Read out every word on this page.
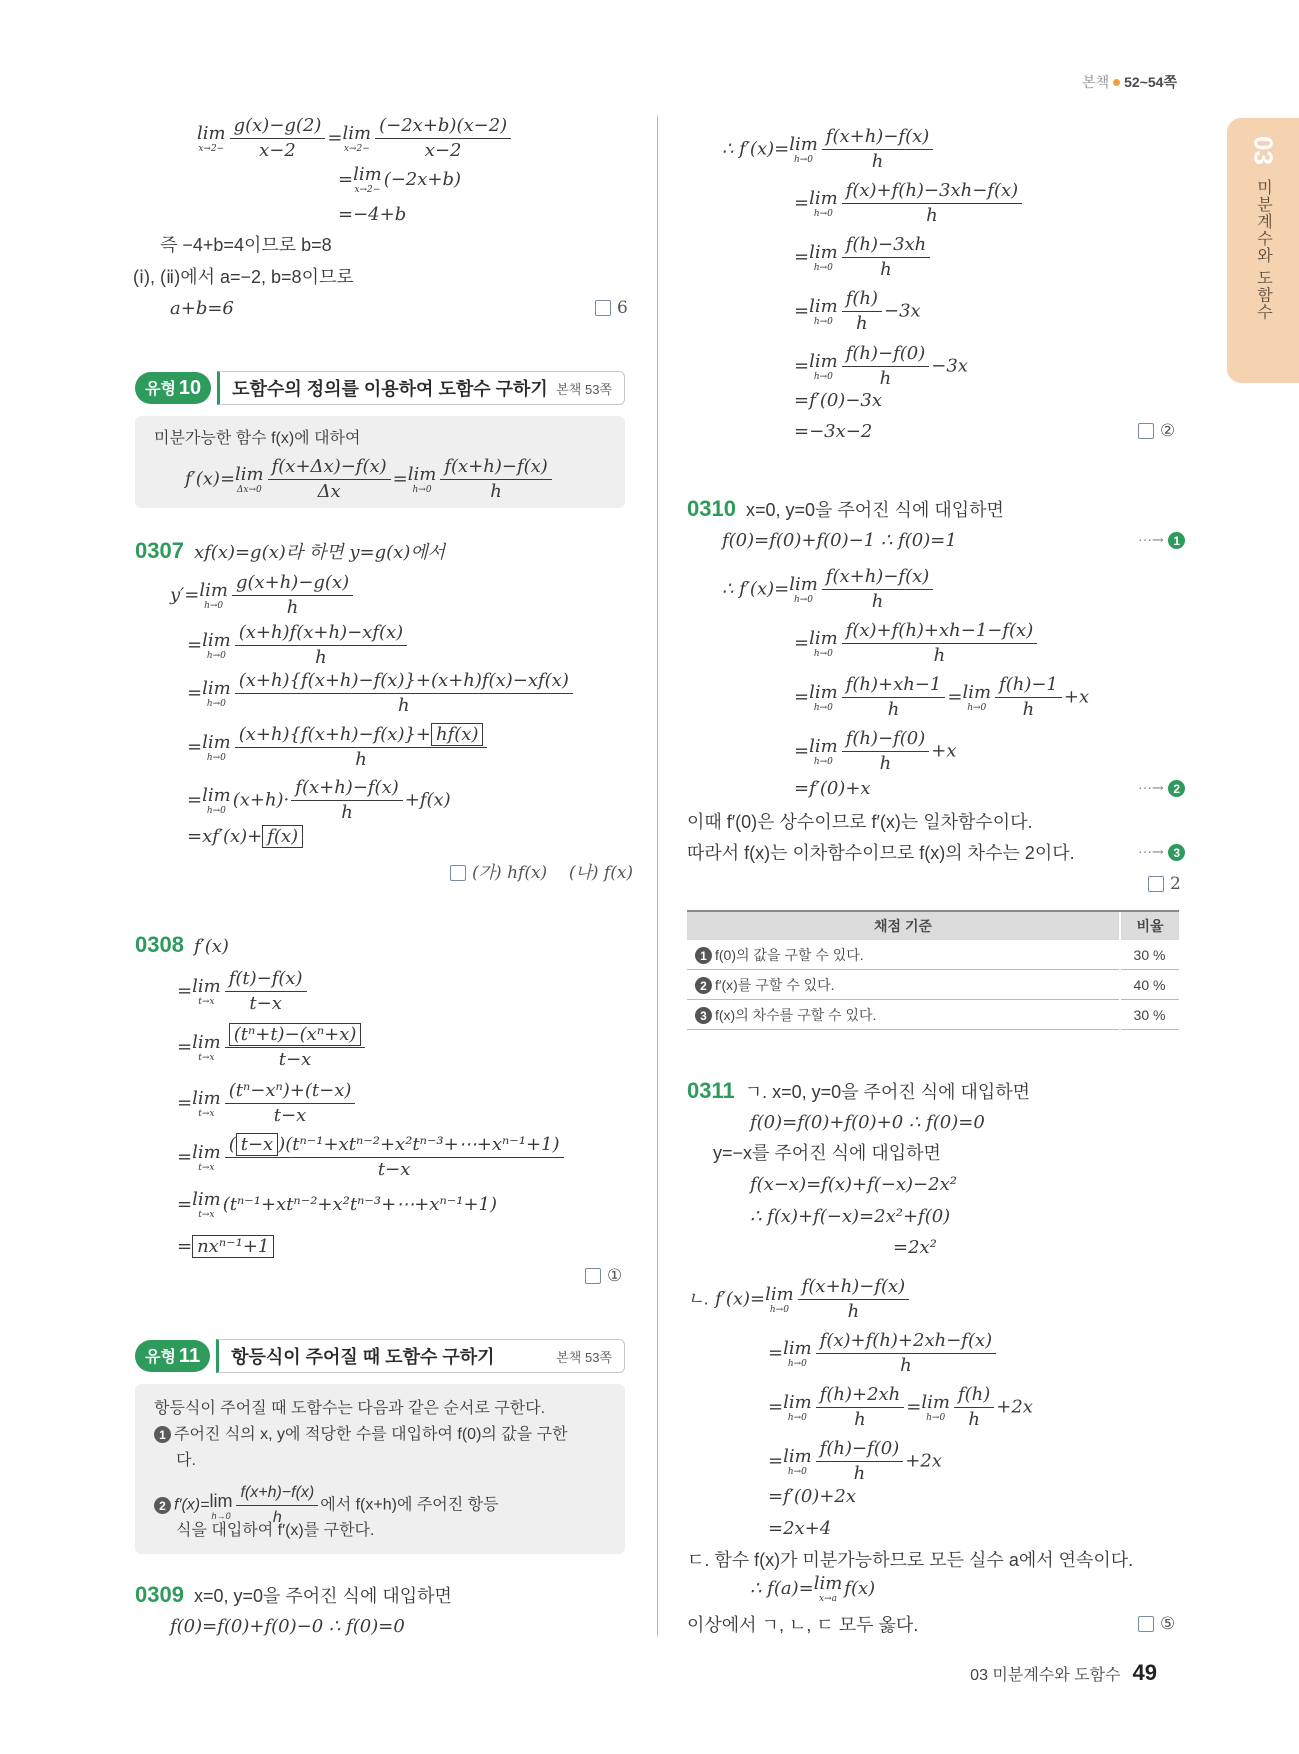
본책 52~54쪽
03
미분계수와 도함수
lim
$x\to 2- \frac{g(x)-g(2)}{x-2} = \lim$
$x\to 2- \frac{(-2x+b)(x-2)}{x-2}$
= lim
x→2− (−2x+b)
=−4+b
즉 −4+b=4이므로 b=8
(ⅰ), (ⅱ)에서 a=−2, b=8이므로
a+b=6	6
유형 10	도함수의 정의를 이용하여 도함수 구하기 본책 53쪽
미분가능한 함수 f(x)에 대하여
f′(x)= lim
$\Delta x\to 0 \frac{f(x+\Delta x)-f(x)}{\Delta x} = \lim$
$h\to 0 \frac{f(x+h)-f(x)}{h}$
0307 xf(x)=g(x)라 하면 y=g(x)에서
y′= lim
$h\to 0 \frac{g(x+h)-g(x)}{h}$
= lim
$h\to 0 \frac{(x+h)f(x+h)-xf(x)}{h}$
= lim
$h\to 0 \frac{(x+h)\{f(x+h)-f(x)\}+(x+h)f(x)-xf(x)}{h}$
= lim
$h\to 0 \frac{(x+h)\{f(x+h)-f(x)\}+ hf(x)}{h}$
= lim
h→0 $(x+h)\cdot \frac{f(x+h)-f(x)}{h} +f(x)$
=xf′(x)+ f(x)
(가) hf(x) (나) f(x)
0308 f′(x)
= lim
$t\to x \frac{f(t)-f(x)}{t-x}$
= lim
$t\to x \frac{\text{(tⁿ+t)−(xⁿ+x)}}{t-x}$
= lim
$t\to x \frac{\text{(tⁿ−xⁿ)+(t−x)}}{t-x}$
= lim
$t\to x \frac{\text{( t−x )(tⁿ⁻¹+xtⁿ⁻²+x²tⁿ⁻³+⋯+xⁿ⁻¹+1)}}{t-x}$
= lim
t→x (tⁿ⁻¹+xtⁿ⁻²+x²tⁿ⁻³+⋯+xⁿ⁻¹+1)
= nxⁿ⁻¹+1
①
유형 11	항등식이 주어질 때 도함수 구하기	본책 53쪽
항등식이 주어질 때 도함수는 다음과 같은 순서로 구한다.
1 주어진 식의 x, y에 적당한 수를 대입하여 f(0)의 값을 구한
다.
2 f′(x)= lim
$h\to 0 \frac{f(x+h)-f(x)}{h}$ 에서 f(x+h)에 주어진 항등
식을 대입하여 f′(x)를 구한다.
0309 x=0, y=0을 주어진 식에 대입하면
f(0)=f(0)+f(0)−0 ∴ f(0)=0
∴ f′(x)= lim
$h\to 0 \frac{f(x+h)-f(x)}{h}$
= lim
$h\to 0 \frac{f(x)+f(h)-3xh-f(x)}{h}$
= lim
$h\to 0 \frac{f(h)-3xh}{h}$
= lim
$h\to 0 \frac{f(h)}{h} -3x$
= lim
$h\to 0 \frac{f(h)-f(0)}{h} -3x$
=f′(0)−3x
=−3x−2	②
0310 x=0, y=0을 주어진 식에 대입하면
f(0)=f(0)+f(0)−1 ∴ f(0)=1	⋯→ 1
∴ f′(x)= lim
$h\to 0 \frac{f(x+h)-f(x)}{h}$
= lim
$h\to 0 \frac{f(x)+f(h)+xh-1-f(x)}{h}$
= lim
$h\to 0 \frac{f(h)+xh-1}{h} = \lim$
$h\to 0 \frac{f(h)-1}{h} +x$
= lim
$h\to 0 \frac{f(h)-f(0)}{h} +x$
=f′(0)+x	⋯→ 2
이때 f′(0)은 상수이므로 f′(x)는 일차함수이다.
따라서 f(x)는 이차함수이므로 f(x)의 차수는 2이다.	⋯→ 3
2
채점 기준	비율
1 f(0)의 값을 구할 수 있다.	30 %
2 f′(x)를 구할 수 있다.	40 %
3 f(x)의 차수를 구할 수 있다.	30 %
0311 ㄱ. x=0, y=0을 주어진 식에 대입하면
f(0)=f(0)+f(0)+0 ∴ f(0)=0
y=−x를 주어진 식에 대입하면
f(x−x)=f(x)+f(−x)−2x²
∴ f(x)+f(−x)=2x²+f(0)
=2x²
ㄴ. f′(x)= lim
$h\to 0 \frac{f(x+h)-f(x)}{h}$
= lim
$h\to 0 \frac{f(x)+f(h)+2xh-f(x)}{h}$
= lim
$h\to 0 \frac{f(h)+2xh}{h} = \lim$
$h\to 0 \frac{f(h)}{h} +2x$
= lim
$h\to 0 \frac{f(h)-f(0)}{h} +2x$
=f′(0)+2x
=2x+4
ㄷ. 함수 f(x)가 미분가능하므로 모든 실수 a에서 연속이다.
∴ f(a)= lim
x→a f(x)
이상에서 ㄱ, ㄴ, ㄷ 모두 옳다.	⑤
03 미분계수와 도함수 49
